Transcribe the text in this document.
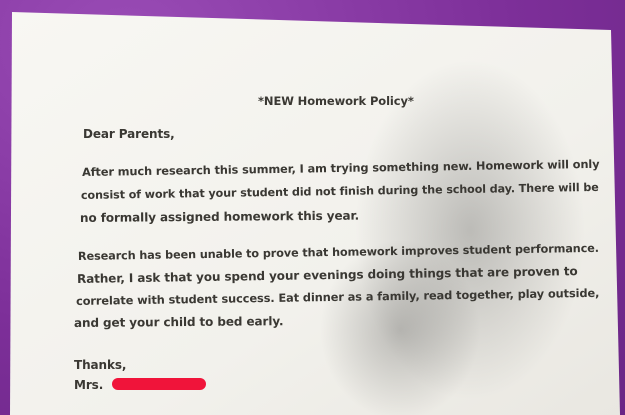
*NEW Homework Policy*
Dear Parents,
After much research this summer, I am trying something new. Homework will only
consist of work that your student did not finish during the school day. There will be
no formally assigned homework this year.
Research has been unable to prove that homework improves student performance.
Rather, I ask that you spend your evenings doing things that are proven to
correlate with student success. Eat dinner as a family, read together, play outside,
and get your child to bed early.
Thanks,
Mrs.
